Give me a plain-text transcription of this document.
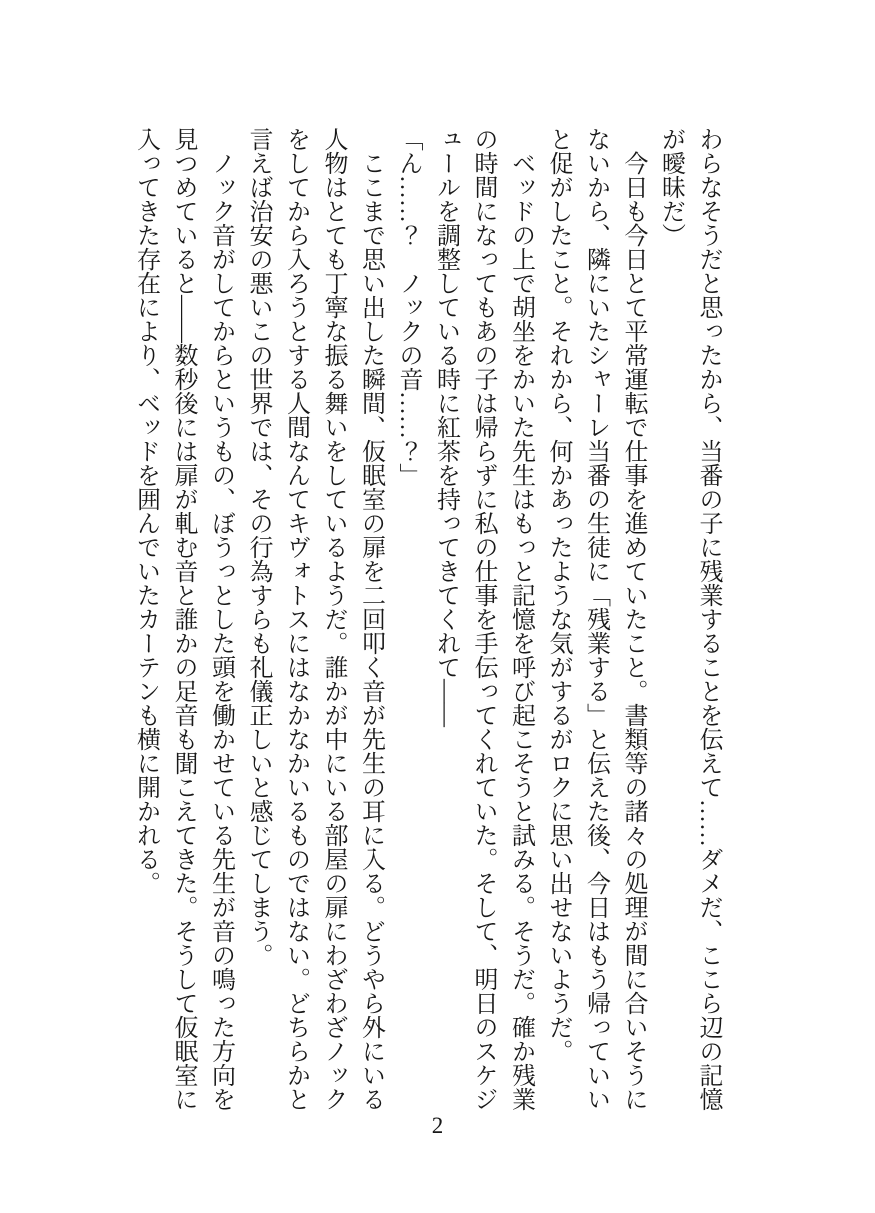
わらなそうだと思ったから、当番の子に残業することを伝えて……ダメだ、ここら辺の記憶が曖昧だ）

　今日も今日とて平常運転で仕事を進めていたこと。書類等の諸々の処理が間に合いそうにないから、隣にいたシャーレ当番の生徒に「残業する」と伝えた後、今日はもう帰っていいと促がしたこと。それから、何かあったような気がするがロクに思い出せないようだ。

　ベッドの上で胡坐をかいた先生はもっと記憶を呼び起こそうと試みる。そうだ。確か残業の時間になってもあの子は帰らずに私の仕事を手伝ってくれていた。そして、明日のスケジュールを調整している時に紅茶を持ってきてくれて――

「ん……？　ノックの音……？」

　ここまで思い出した瞬間、仮眠室の扉を二回叩く音が先生の耳に入る。どうやら外にいる人物はとても丁寧な振る舞いをしているようだ。誰かが中にいる部屋の扉にわざわざノックをしてから入ろうとする人間なんてキヴォトスにはなかなかいるものではない。どちらかと言えば治安の悪いこの世界では、その行為すらも礼儀正しいと感じてしまう。

　ノック音がしてからというもの、ぼうっとした頭を働かせている先生が音の鳴った方向を見つめていると――数秒後には扉が軋む音と誰かの足音も聞こえてきた。そうして仮眠室に入ってきた存在により、ベッドを囲んでいたカーテンも横に開かれる。

2
